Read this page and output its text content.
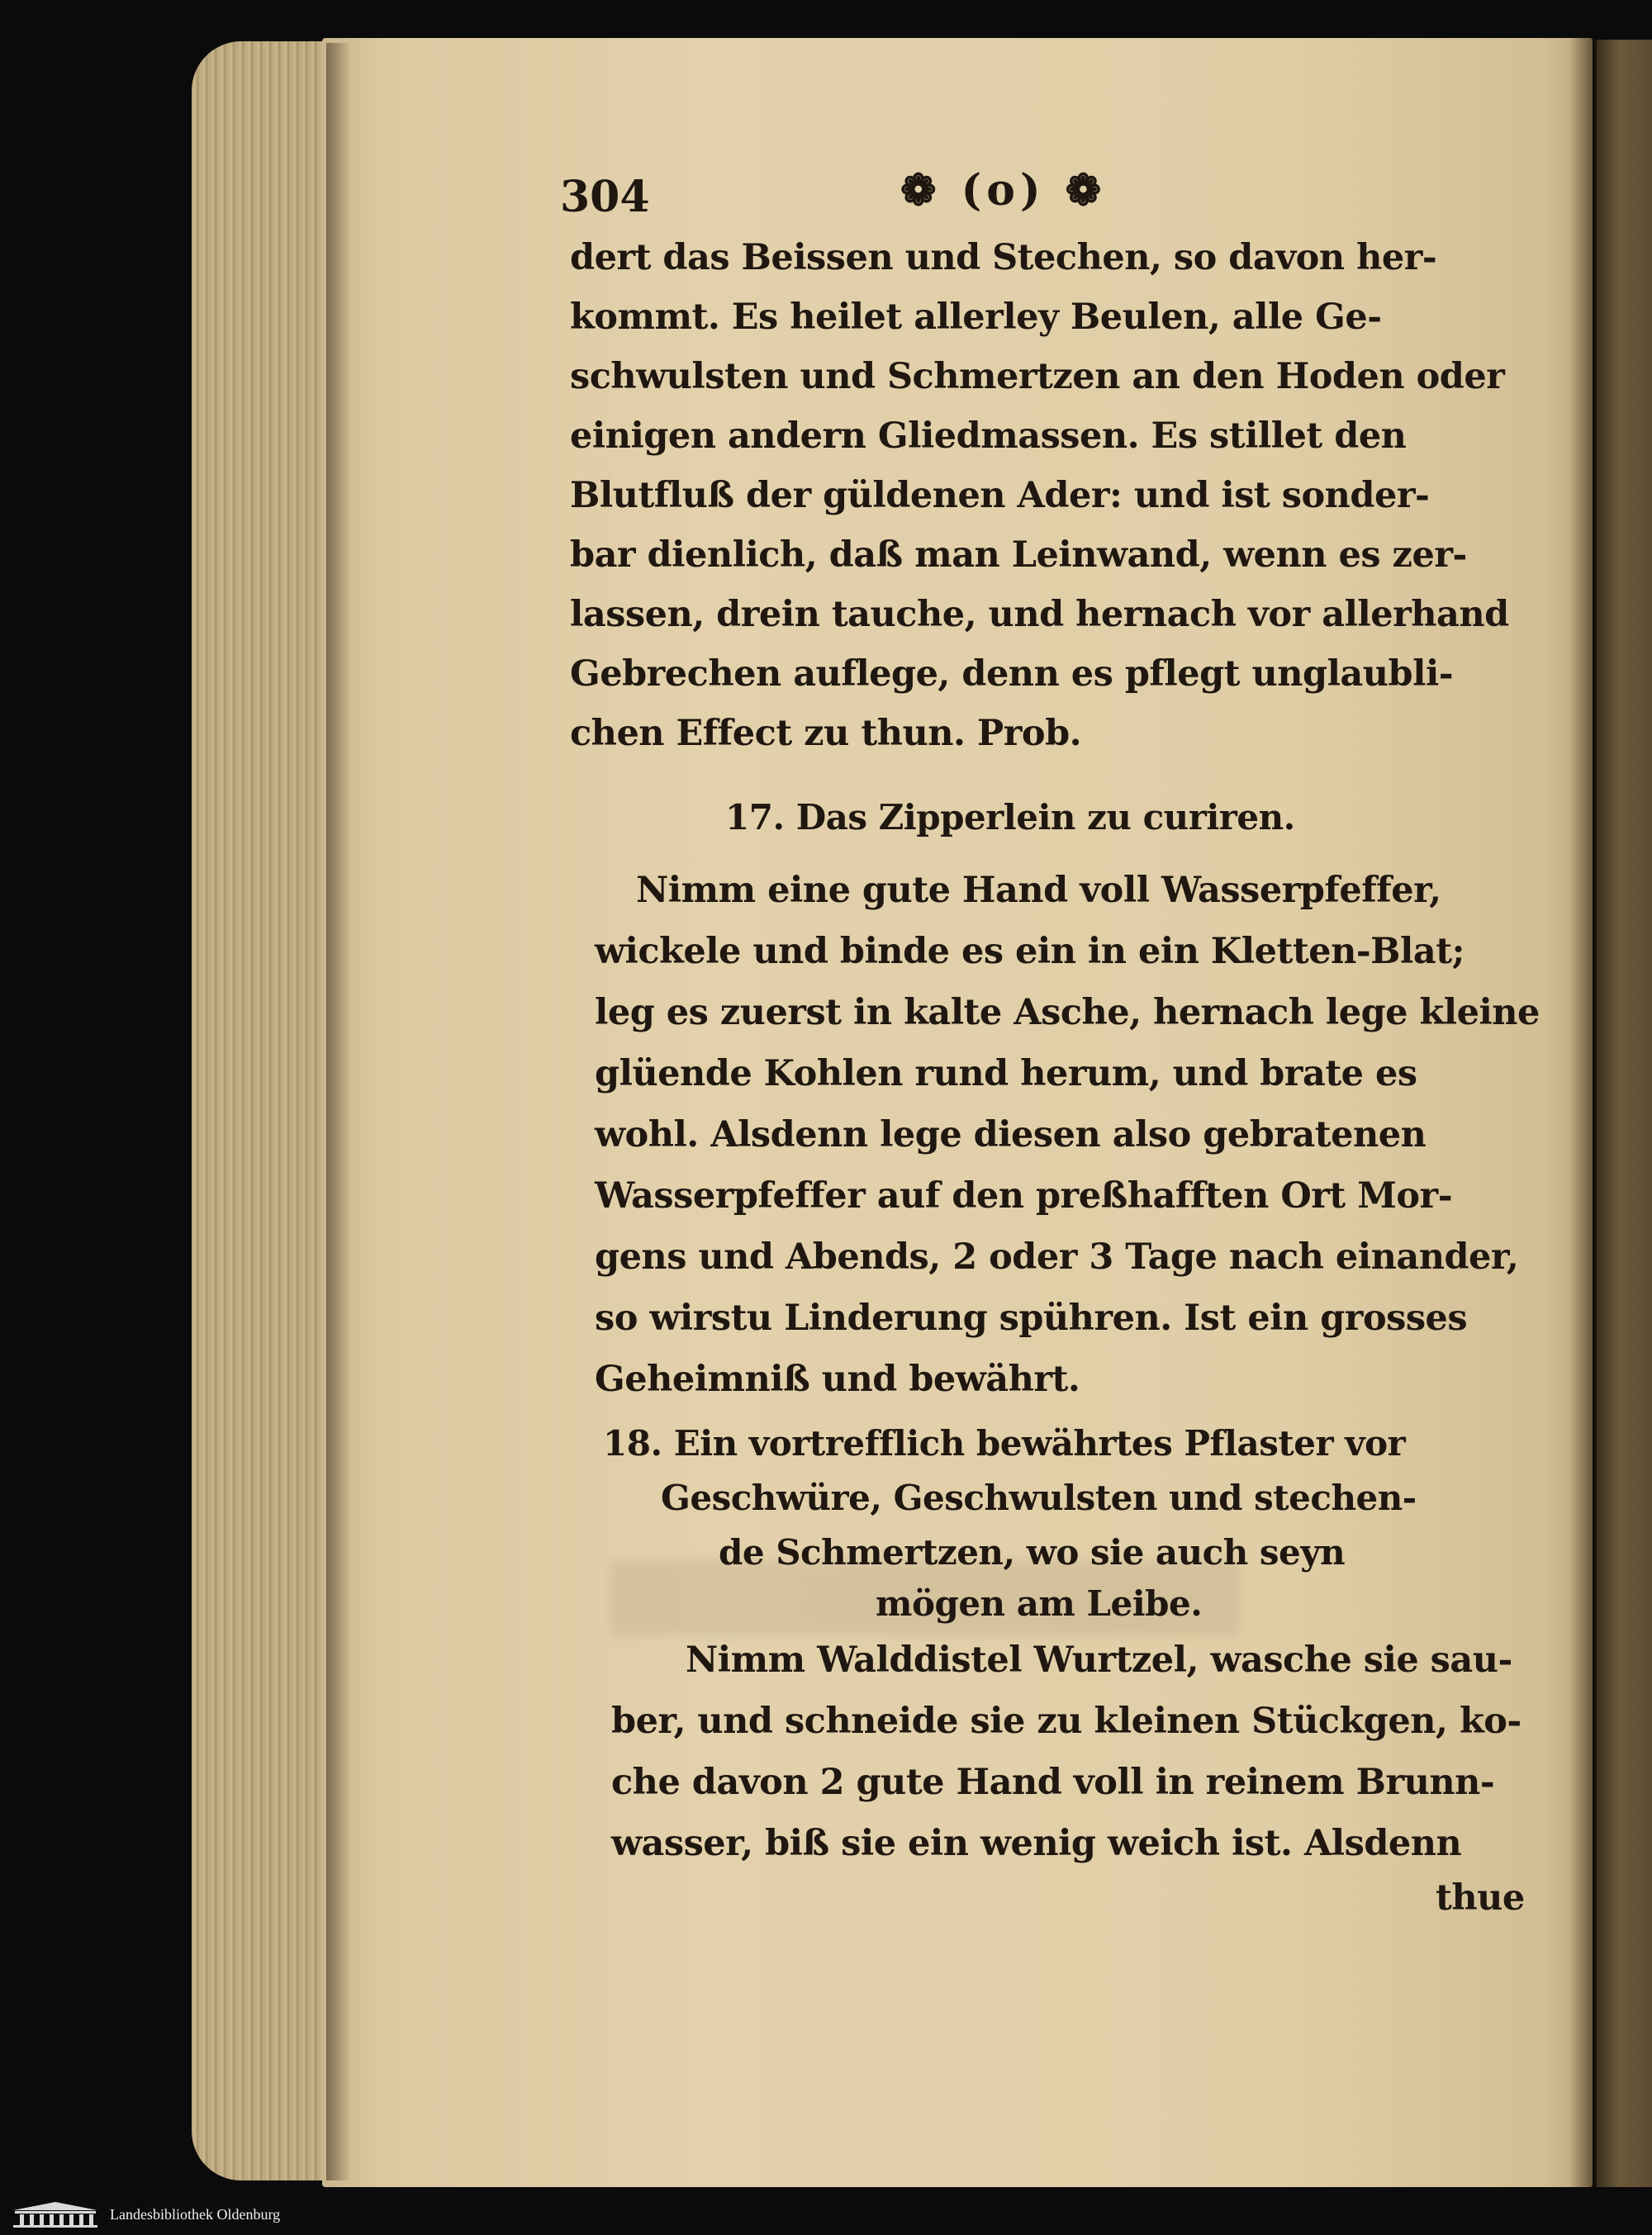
304	❁ (o) ❁

dert das Beissen und Stechen, so davon her‑

kommt. Es heilet allerley Beulen, alle Ge‑

schwulsten und Schmertzen an den Hoden oder

einigen andern Gliedmassen. Es stillet den

Blutfluß der güldenen Ader: und ist sonder‑

bar dienlich, daß man Leinwand, wenn es zer‑

lassen, drein tauche, und hernach vor allerhand

Gebrechen auflege, denn es pflegt unglaubli‑

chen Effect zu thun. Prob.

17. Das Zipperlein zu curiren.

Nimm eine gute Hand voll Wasserpfeffer,

wickele und binde es ein in ein Kletten‑Blat;

leg es zuerst in kalte Asche, hernach lege kleine

glüende Kohlen rund herum, und brate es

wohl. Alsdenn lege diesen also gebratenen

Wasserpfeffer auf den preßhafften Ort Mor‑

gens und Abends, 2 oder 3 Tage nach einander,

so wirstu Linderung spühren. Ist ein grosses

Geheimniß und bewährt.

18. Ein vortrefflich bewährtes Pflaster vor

Geschwüre, Geschwulsten und stechen‑

de Schmertzen, wo sie auch seyn

mögen am Leibe.

Nimm Walddistel Wurtzel, wasche sie sau‑

ber, und schneide sie zu kleinen Stückgen, ko‑

che davon 2 gute Hand voll in reinem Brunn‑

wasser, biß sie ein wenig weich ist. Alsdenn

thue

Landesbibliothek Oldenburg
